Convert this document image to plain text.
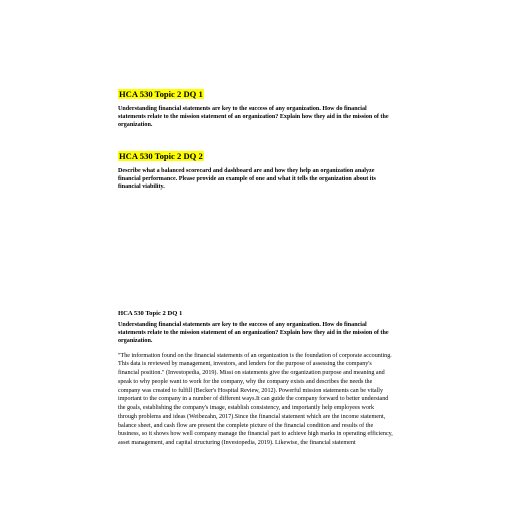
HCA 530 Topic 2 DQ 1

Understanding financial statements are key to the success of any organization. How do financial statements relate to the mission statement of an organization? Explain how they aid in the mission of the organization.

HCA 530 Topic 2 DQ 2

Describe what a balanced scorecard and dashboard are and how they help an organization analyze financial performance. Please provide an example of one and what it tells the organization about its financial viability.

HCA 530 Topic 2 DQ 1

Understanding financial statements are key to the success of any organization. How do financial statements relate to the mission statement of an organization? Explain how they aid in the mission of the organization.

"The information found on the financial statements of an organization is the foundation of corporate accounting. This data is reviewed by management, investors, and lenders for the purpose of assessing the company's financial position." (Investopedia, 2019). Missi on statements give the organization purpose and meaning and speak to why people want to work for the company, why the company exists and describes the needs the company was created to fulfill (Becker's Hospital Review, 2012). Powerful mission statements can be vitally important to the company in a number of different ways.It can guide the company forward to better understand the goals, establishing the company's image, establish consistency, and importantly help employees work through problems and ideas (Weibezahn, 2017).Since the financial statement which are the income statement, balance sheet, and cash flow are present the complete picture of the financial condition and results of the business, so it shows how well company manage the financial part to achieve high marks in operating efficiency, asset management, and capital structuring (Investopedia, 2019). Likewise, the financial statement
